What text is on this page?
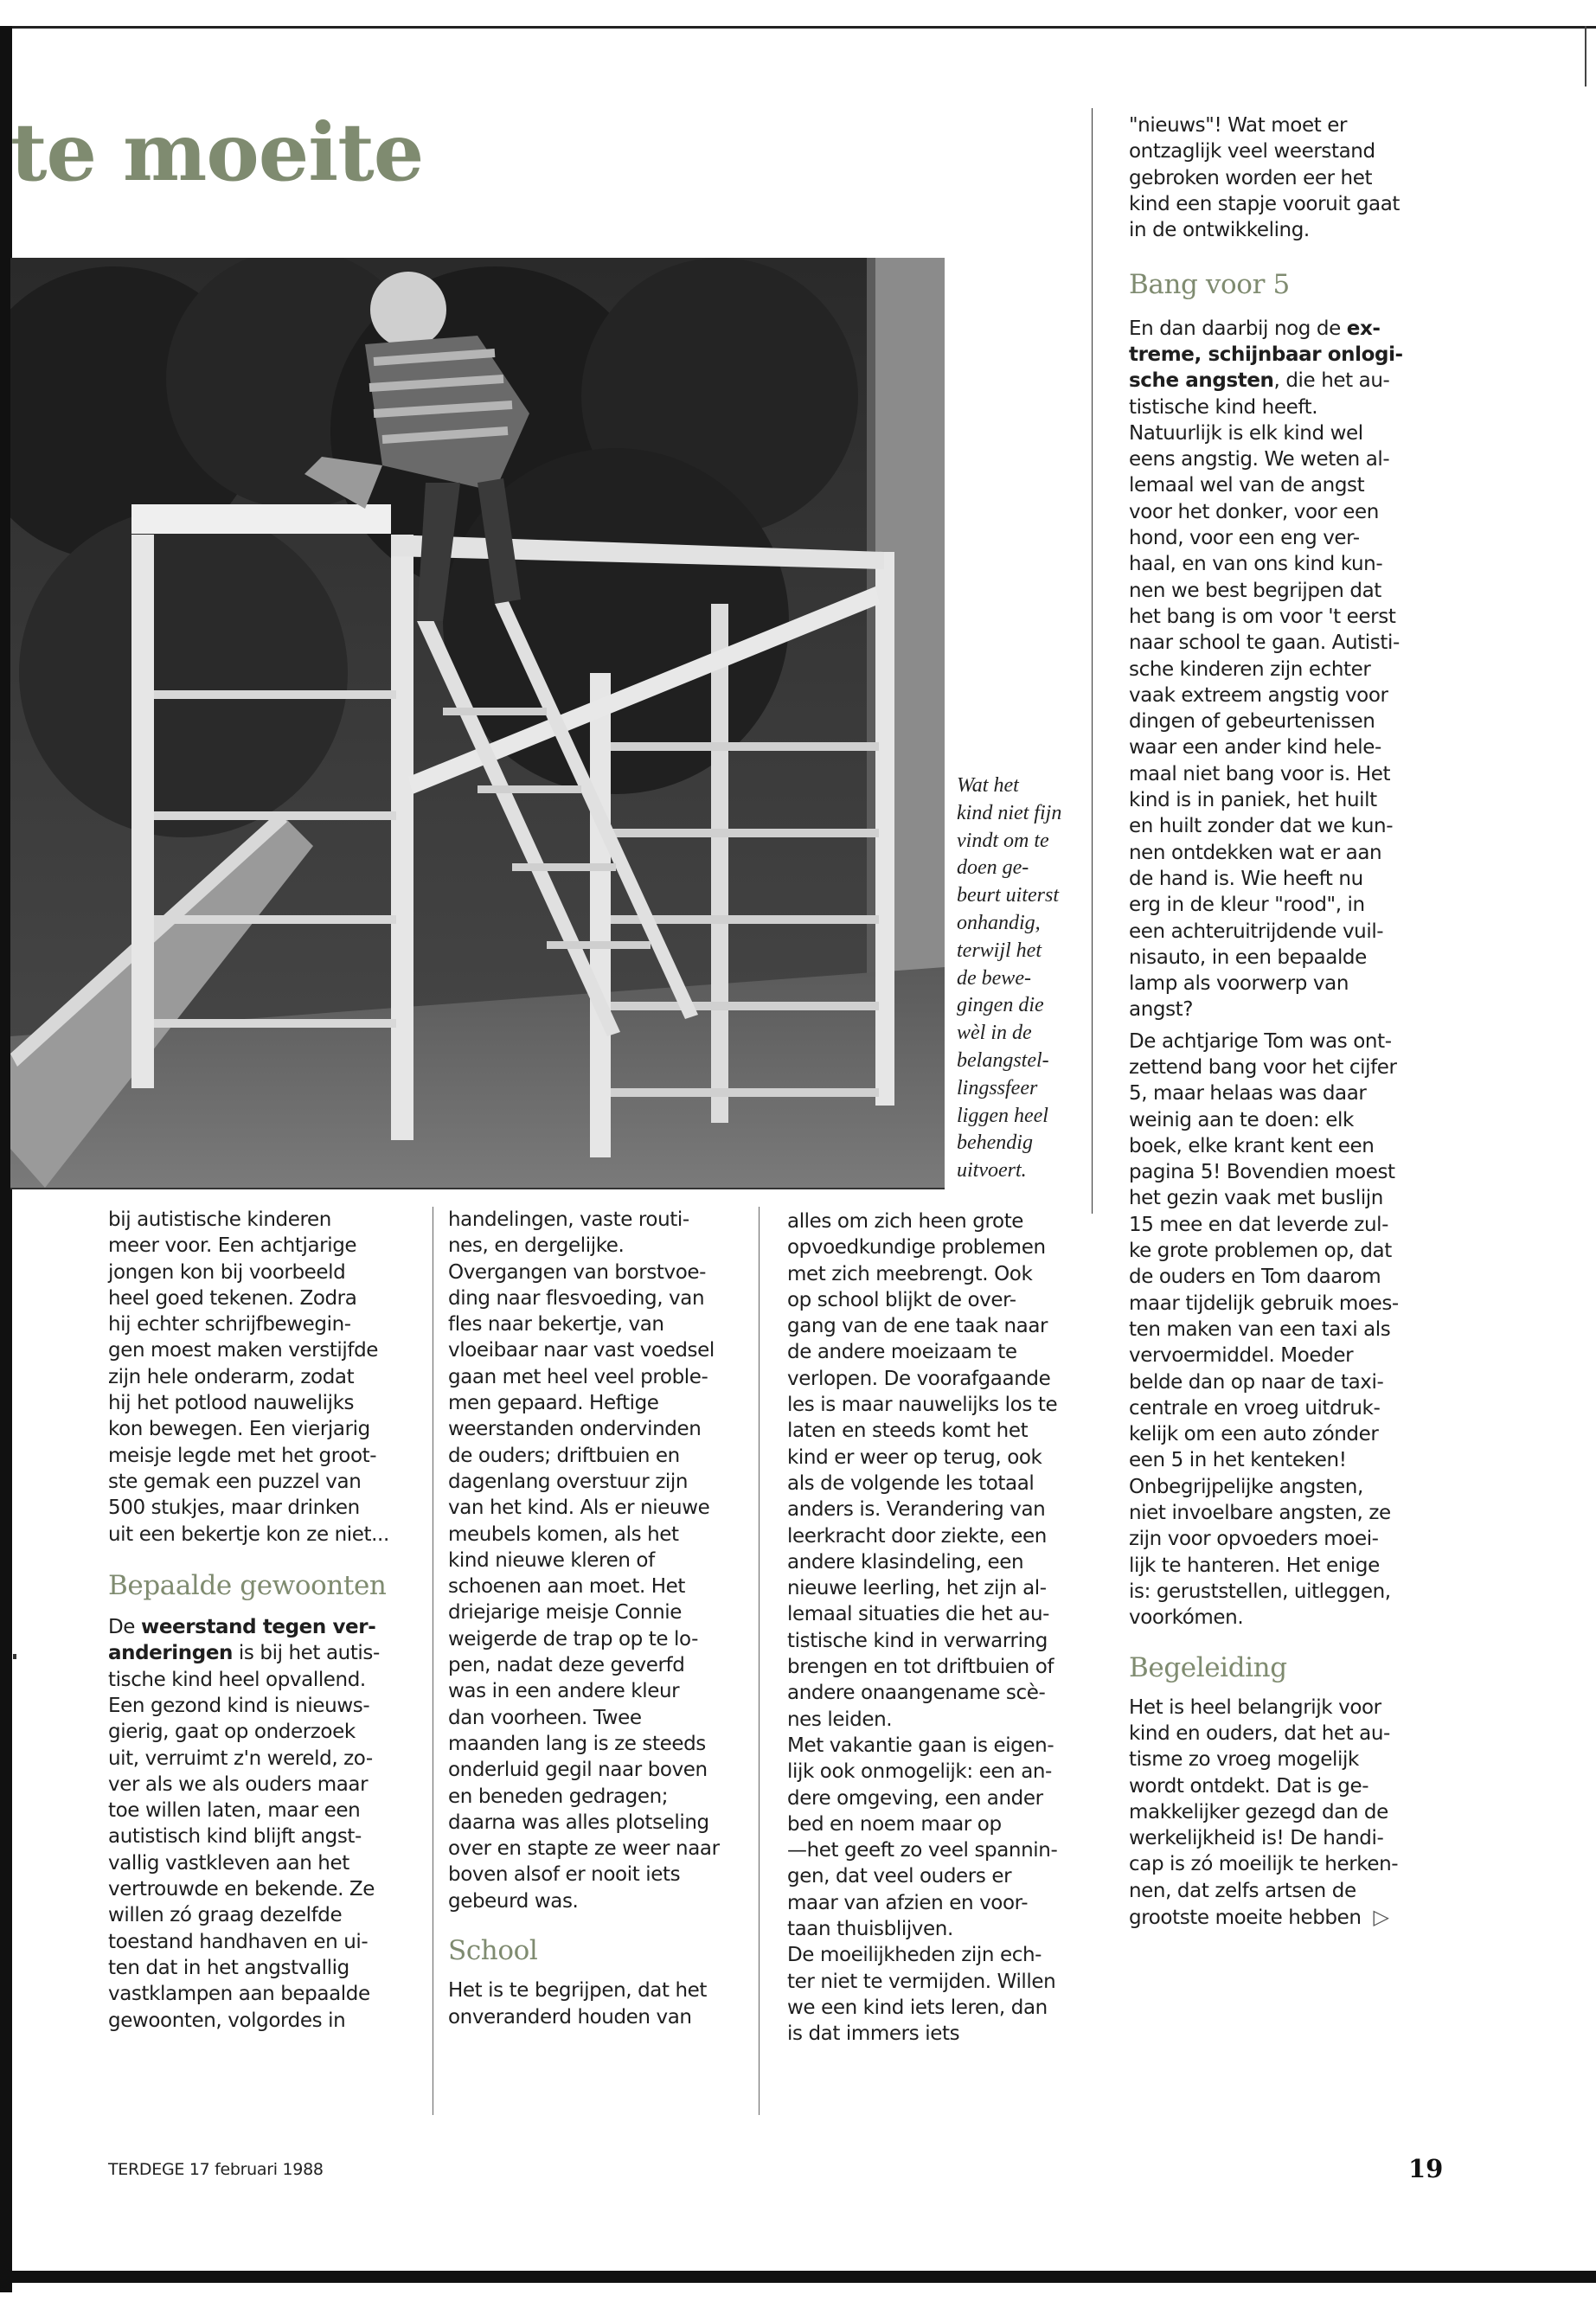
te moeite

Wat het
kind niet fijn
vindt om te
doen ge-
beurt uiterst
onhandig,
terwijl het
de bewe-
gingen die
wèl in de
belangstel-
lingssfeer
liggen heel
behendig
uitvoert.

bij autistische kinderen
meer voor. Een achtjarige
jongen kon bij voorbeeld
heel goed tekenen. Zodra
hij echter schrijfbewegin-
gen moest maken verstijfde
zijn hele onderarm, zodat
hij het potlood nauwelijks
kon bewegen. Een vierjarig
meisje legde met het groot-
ste gemak een puzzel van
500 stukjes, maar drinken
uit een bekertje kon ze niet...

Bepaalde gewoonten

De weerstand tegen ver-
anderingen is bij het autis-
tische kind heel opvallend.
Een gezond kind is nieuws-
gierig, gaat op onderzoek
uit, verruimt z'n wereld, zo-
ver als we als ouders maar
toe willen laten, maar een
autistisch kind blijft angst-
vallig vastkleven aan het
vertrouwde en bekende. Ze
willen zó graag dezelfde
toestand handhaven en ui-
ten dat in het angstvallig
vastklampen aan bepaalde
gewoonten, volgordes in

handelingen, vaste routi-
nes, en dergelijke.
Overgangen van borstvoe-
ding naar flesvoeding, van
fles naar bekertje, van
vloeibaar naar vast voedsel
gaan met heel veel proble-
men gepaard. Heftige
weerstanden ondervinden
de ouders; driftbuien en
dagenlang overstuur zijn
van het kind. Als er nieuwe
meubels komen, als het
kind nieuwe kleren of
schoenen aan moet. Het
driejarige meisje Connie
weigerde de trap op te lo-
pen, nadat deze geverfd
was in een andere kleur
dan voorheen. Twee
maanden lang is ze steeds
onderluid gegil naar boven
en beneden gedragen;
daarna was alles plotseling
over en stapte ze weer naar
boven alsof er nooit iets
gebeurd was.

School

Het is te begrijpen, dat het
onveranderd houden van

alles om zich heen grote
opvoedkundige problemen
met zich meebrengt. Ook
op school blijkt de over-
gang van de ene taak naar
de andere moeizaam te
verlopen. De voorafgaande
les is maar nauwelijks los te
laten en steeds komt het
kind er weer op terug, ook
als de volgende les totaal
anders is. Verandering van
leerkracht door ziekte, een
andere klasindeling, een
nieuwe leerling, het zijn al-
lemaal situaties die het au-
tistische kind in verwarring
brengen en tot driftbuien of
andere onaangename scè-
nes leiden.

Met vakantie gaan is eigen-
lijk ook onmogelijk: een an-
dere omgeving, een ander
bed en noem maar op
—het geeft zo veel spannin-
gen, dat veel ouders er
maar van afzien en voor-
taan thuisblijven.

De moeilijkheden zijn ech-
ter niet te vermijden. Willen
we een kind iets leren, dan
is dat immers iets

"nieuws"! Wat moet er
ontzaglijk veel weerstand
gebroken worden eer het
kind een stapje vooruit gaat
in de ontwikkeling.

Bang voor 5

En dan daarbij nog de ex-
treme, schijnbaar onlogi-
sche angsten, die het au-
tistische kind heeft.
Natuurlijk is elk kind wel
eens angstig. We weten al-
lemaal wel van de angst
voor het donker, voor een
hond, voor een eng ver-
haal, en van ons kind kun-
nen we best begrijpen dat
het bang is om voor 't eerst
naar school te gaan. Autisti-
sche kinderen zijn echter
vaak extreem angstig voor
dingen of gebeurtenissen
waar een ander kind hele-
maal niet bang voor is. Het
kind is in paniek, het huilt
en huilt zonder dat we kun-
nen ontdekken wat er aan
de hand is. Wie heeft nu
erg in de kleur "rood", in
een achteruitrijdende vuil-
nisauto, in een bepaalde
lamp als voorwerp van
angst?

De achtjarige Tom was ont-
zettend bang voor het cijfer
5, maar helaas was daar
weinig aan te doen: elk
boek, elke krant kent een
pagina 5! Bovendien moest
het gezin vaak met buslijn
15 mee en dat leverde zul-
ke grote problemen op, dat
de ouders en Tom daarom
maar tijdelijk gebruik moes-
ten maken van een taxi als
vervoermiddel. Moeder
belde dan op naar de taxi-
centrale en vroeg uitdruk-
kelijk om een auto zónder
een 5 in het kenteken!
Onbegrijpelijke angsten,
niet invoelbare angsten, ze
zijn voor opvoeders moei-
lijk te hanteren. Het enige
is: geruststellen, uitleggen,
voorkómen.

Begeleiding

Het is heel belangrijk voor
kind en ouders, dat het au-
tisme zo vroeg mogelijk
wordt ontdekt. Dat is ge-
makkelijker gezegd dan de
werkelijkheid is! De handi-
cap is zó moeilijk te herken-
nen, dat zelfs artsen de
grootste moeite hebben ▷

TERDEGE 17 februari 1988	19
